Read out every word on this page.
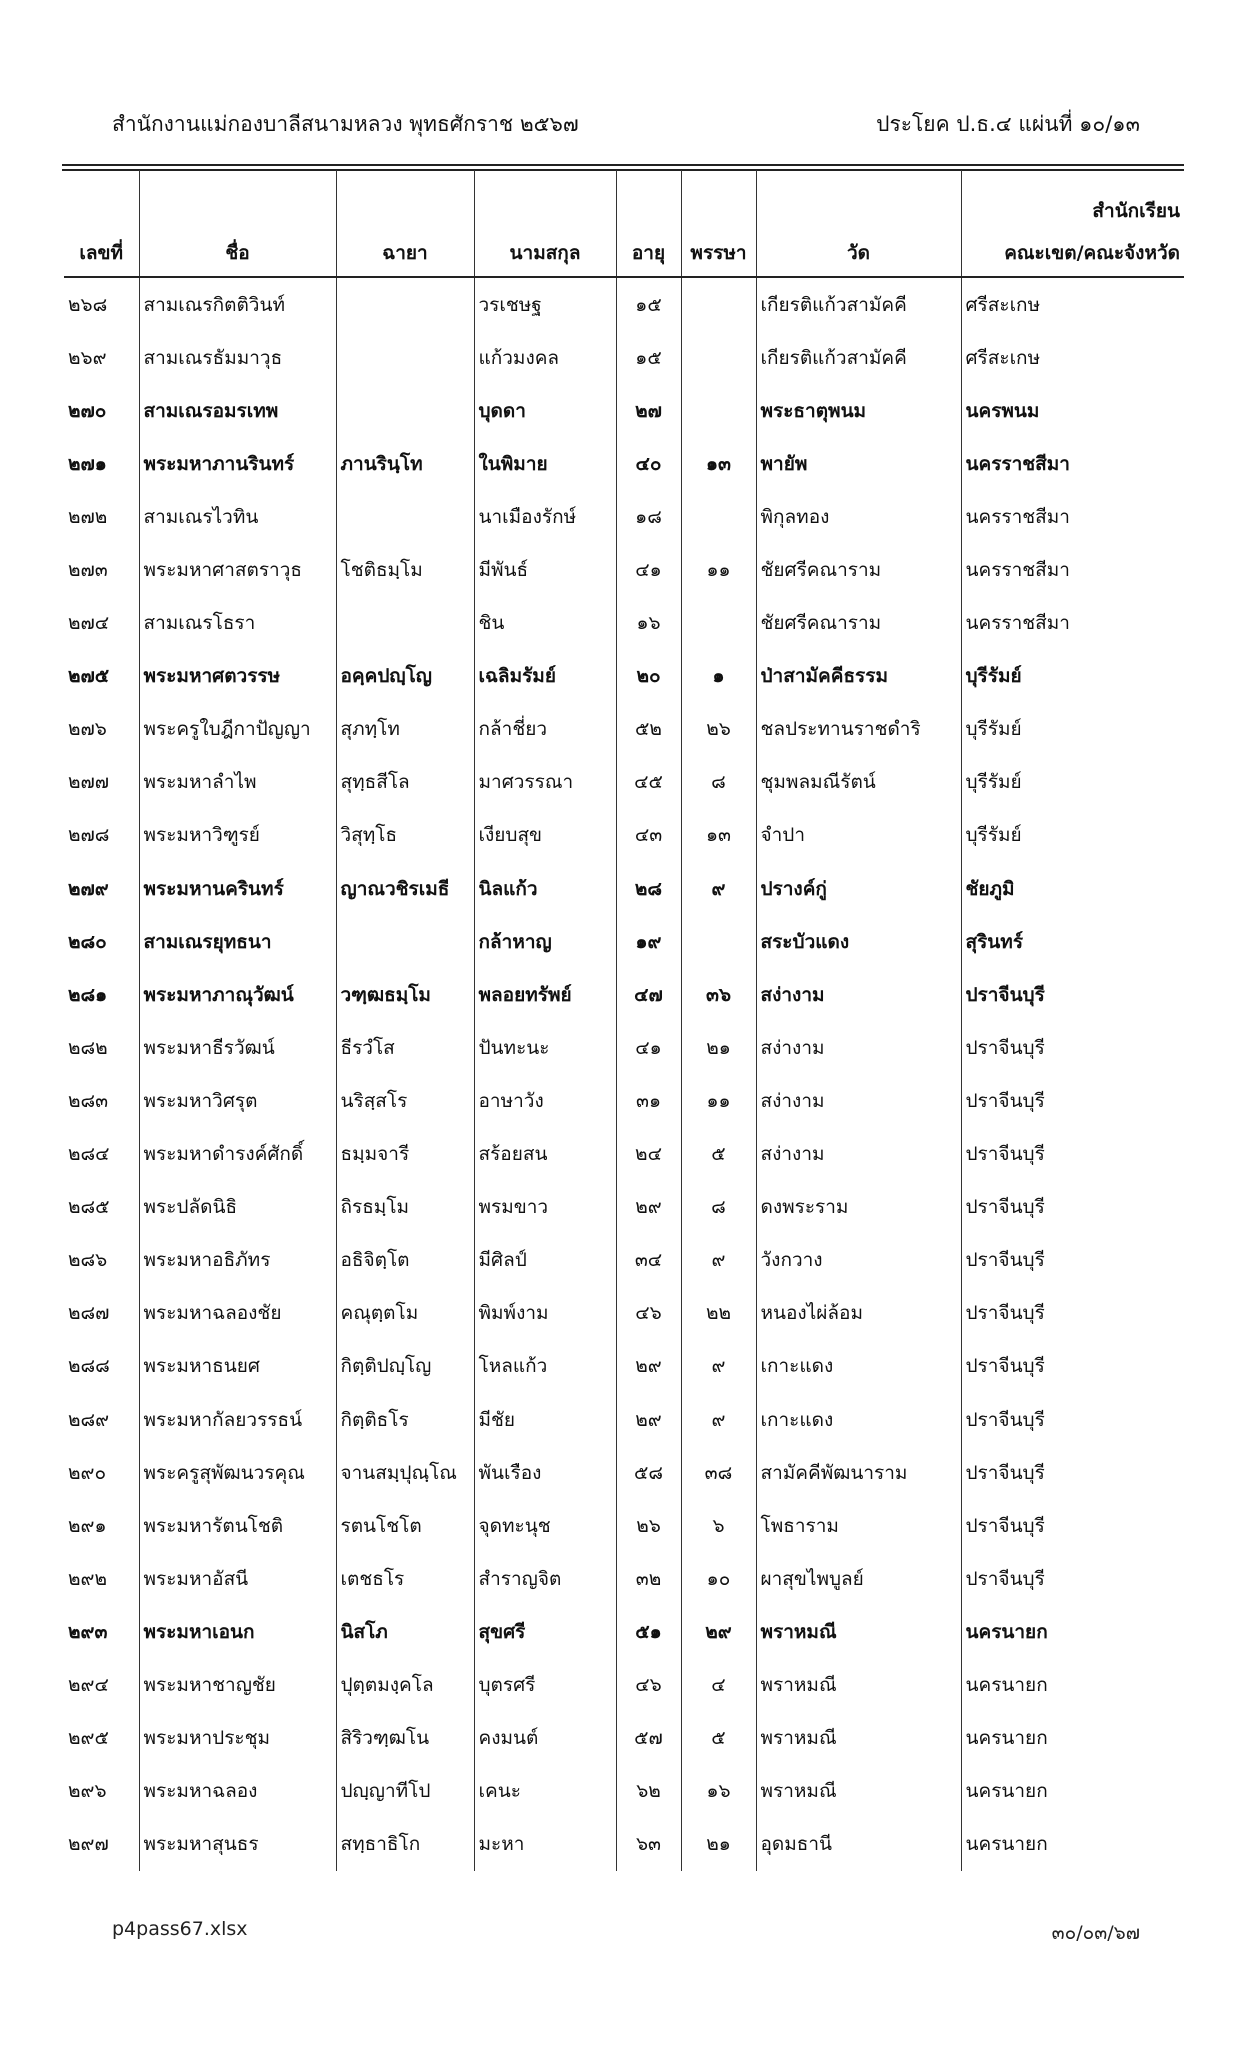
สำนักงานแม่กองบาลีสนามหลวง พุทธศักราช ๒๕๖๗	ประโยค ป.ธ.๔ แผ่นที่ ๑๐/๑๓
เลขที่	ชื่อ	ฉายา	นามสกุล	อายุ	พรรษา	วัด	สำนักเรียน
คณะเขต/คณะจังหวัด

๒๖๘	สามเณรกิตติวินท์		วรเชษฐ	๑๕		เกียรติแก้วสามัคคี	ศรีสะเกษ
๒๖๙	สามเณรธัมมาวุธ		แก้วมงคล	๑๕		เกียรติแก้วสามัคคี	ศรีสะเกษ
๒๗๐	สามเณรอมรเทพ		บุดดา	๒๗		พระธาตุพนม	นครพนม
๒๗๑	พระมหาภานรินทร์	ภานรินฺโท	ในพิมาย	๔๐	๑๓	พายัพ	นครราชสีมา
๒๗๒	สามเณรไวทิน		นาเมืองรักษ์	๑๘		พิกุลทอง	นครราชสีมา
๒๗๓	พระมหาศาสตราวุธ	โชติธมฺโม	มีพันธ์	๔๑	๑๑	ชัยศรีคณาราม	นครราชสีมา
๒๗๔	สามเณรโธรา		ชิน	๑๖		ชัยศรีคณาราม	นครราชสีมา
๒๗๕	พระมหาศตวรรษ	อคฺคปญฺโญ	เฉลิมรัมย์	๒๐	๑	ป่าสามัคคีธรรม	บุรีรัมย์
๒๗๖	พระครูใบฎีกาปัญญา	สุภทฺโท	กล้าชี่ยว	๕๒	๒๖	ชลประทานราชดำริ	บุรีรัมย์
๒๗๗	พระมหาลำไพ	สุทฺธสีโล	มาศวรรณา	๔๕	๘	ชุมพลมณีรัตน์	บุรีรัมย์
๒๗๘	พระมหาวิฑูรย์	วิสุทฺโธ	เงียบสุข	๔๓	๑๓	จำปา	บุรีรัมย์
๒๗๙	พระมหานครินทร์	ญาณวชิรเมธี	นิลแก้ว	๒๘	๙	ปรางค์กู่	ชัยภูมิ
๒๘๐	สามเณรยุทธนา		กล้าหาญ	๑๙		สระบัวแดง	สุรินทร์
๒๘๑	พระมหาภาณุวัฒน์	วฑฺฒธมฺโม	พลอยทรัพย์	๔๗	๓๖	สง่างาม	ปราจีนบุรี
๒๘๒	พระมหาธีรวัฒน์	ธีรวํโส	ปันทะนะ	๔๑	๒๑	สง่างาม	ปราจีนบุรี
๒๘๓	พระมหาวิศรุต	นริสฺสโร	อาษาวัง	๓๑	๑๑	สง่างาม	ปราจีนบุรี
๒๘๔	พระมหาดำรงค์ศักดิ์	ธมฺมจารี	สร้อยสน	๒๔	๕	สง่างาม	ปราจีนบุรี
๒๘๕	พระปลัดนิธิ	ถิรธมฺโม	พรมขาว	๒๙	๘	ดงพระราม	ปราจีนบุรี
๒๘๖	พระมหาอธิภัทร	อธิจิตฺโต	มีศิลป์	๓๔	๙	วังกวาง	ปราจีนบุรี
๒๘๗	พระมหาฉลองชัย	คณุตฺตโม	พิมพ์งาม	๔๖	๒๒	หนองไผ่ล้อม	ปราจีนบุรี
๒๘๘	พระมหาธนยศ	กิตฺติปญฺโญ	โหลแก้ว	๒๙	๙	เกาะแดง	ปราจีนบุรี
๒๘๙	พระมหากัลยวรรธน์	กิตฺติธโร	มีชัย	๒๙	๙	เกาะแดง	ปราจีนบุรี
๒๙๐	พระครูสุพัฒนวรคุณ	จานสมฺปุณฺโณ	พันเรือง	๕๘	๓๘	สามัคคีพัฒนาราม	ปราจีนบุรี
๒๙๑	พระมหารัตนโชติ	รตนโชโต	จุดทะนุช	๒๖	๖	โพธาราม	ปราจีนบุรี
๒๙๒	พระมหาอัสนี	เตชธโร	สำราญจิต	๓๒	๑๐	ผาสุขไพบูลย์	ปราจีนบุรี
๒๙๓	พระมหาเอนก	นิสโภ	สุขศรี	๕๑	๒๙	พราหมณี	นครนายก
๒๙๔	พระมหาชาญชัย	ปุตฺตมงฺคโล	บุตรศรี	๔๖	๔	พราหมณี	นครนายก
๒๙๕	พระมหาประชุม	สิริวฑฺฒโน	คงมนต์	๕๗	๕	พราหมณี	นครนายก
๒๙๖	พระมหาฉลอง	ปญฺญาทีโป	เคนะ	๖๒	๑๖	พราหมณี	นครนายก
๒๙๗	พระมหาสุนธร	สทฺธาธิโก	มะหา	๖๓	๒๑	อุดมธานี	นครนายก
p4pass67.xlsx	๓๐/๐๓/๖๗
